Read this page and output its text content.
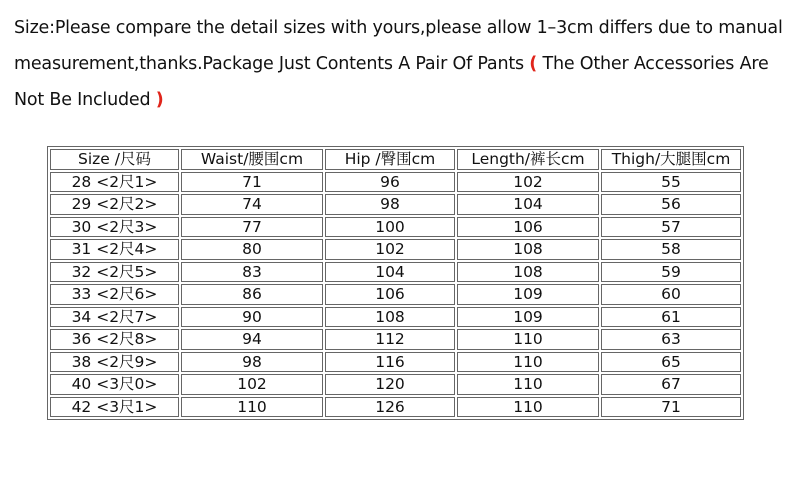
Size:Please compare the detail sizes with yours,please allow 1–3cm differs due to manual measurement,thanks.Package Just Contents A Pair Of Pants ( The Other Accessories Are Not Be Included )
Size /尺码	Waist/腰围cm	Hip /臀围cm	Length/裤长cm	Thigh/大腿围cm
28 <2尺1>	71	96	102	55
29 <2尺2>	74	98	104	56
30 <2尺3>	77	100	106	57
31 <2尺4>	80	102	108	58
32 <2尺5>	83	104	108	59
33 <2尺6>	86	106	109	60
34 <2尺7>	90	108	109	61
36 <2尺8>	94	112	110	63
38 <2尺9>	98	116	110	65
40 <3尺0>	102	120	110	67
42 <3尺1>	110	126	110	71
